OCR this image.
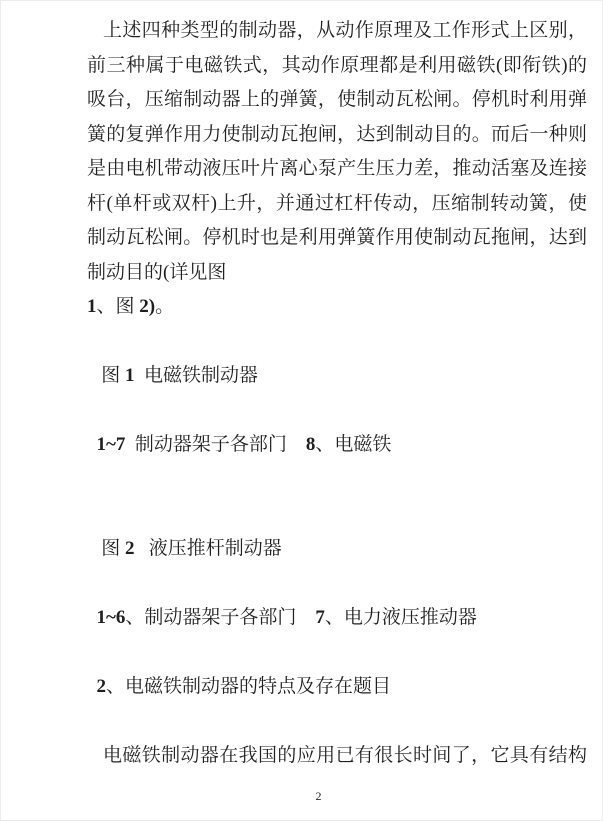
上述四种类型的制动器，从动作原理及工作形式上区别，
前三种属于电磁铁式，其动作原理都是利用磁铁(即衔铁)的
吸台，压缩制动器上的弹簧，使制动瓦松闸。停机时利用弹
簧的复弹作用力使制动瓦抱闸，达到制动目的。而后一种则
是由电机带动液压叶片离心泵产生压力差，推动活塞及连接
杆(单杆或双杆)上升，并通过杠杆传动，压缩制转动簧，使
制动瓦松闸。停机时也是利用弹簧作用使制动瓦拖闸，达到
制动目的(详见图
1、图 2)。
图 1  电磁铁制动器
1~7  制动器架子各部门    8、电磁铁
图 2   液压推杆制动器
1~6、制动器架子各部门    7、电力液压推动器
2、电磁铁制动器的特点及存在题目
电磁铁制动器在我国的应用已有很长时间了，它具有结构
2
